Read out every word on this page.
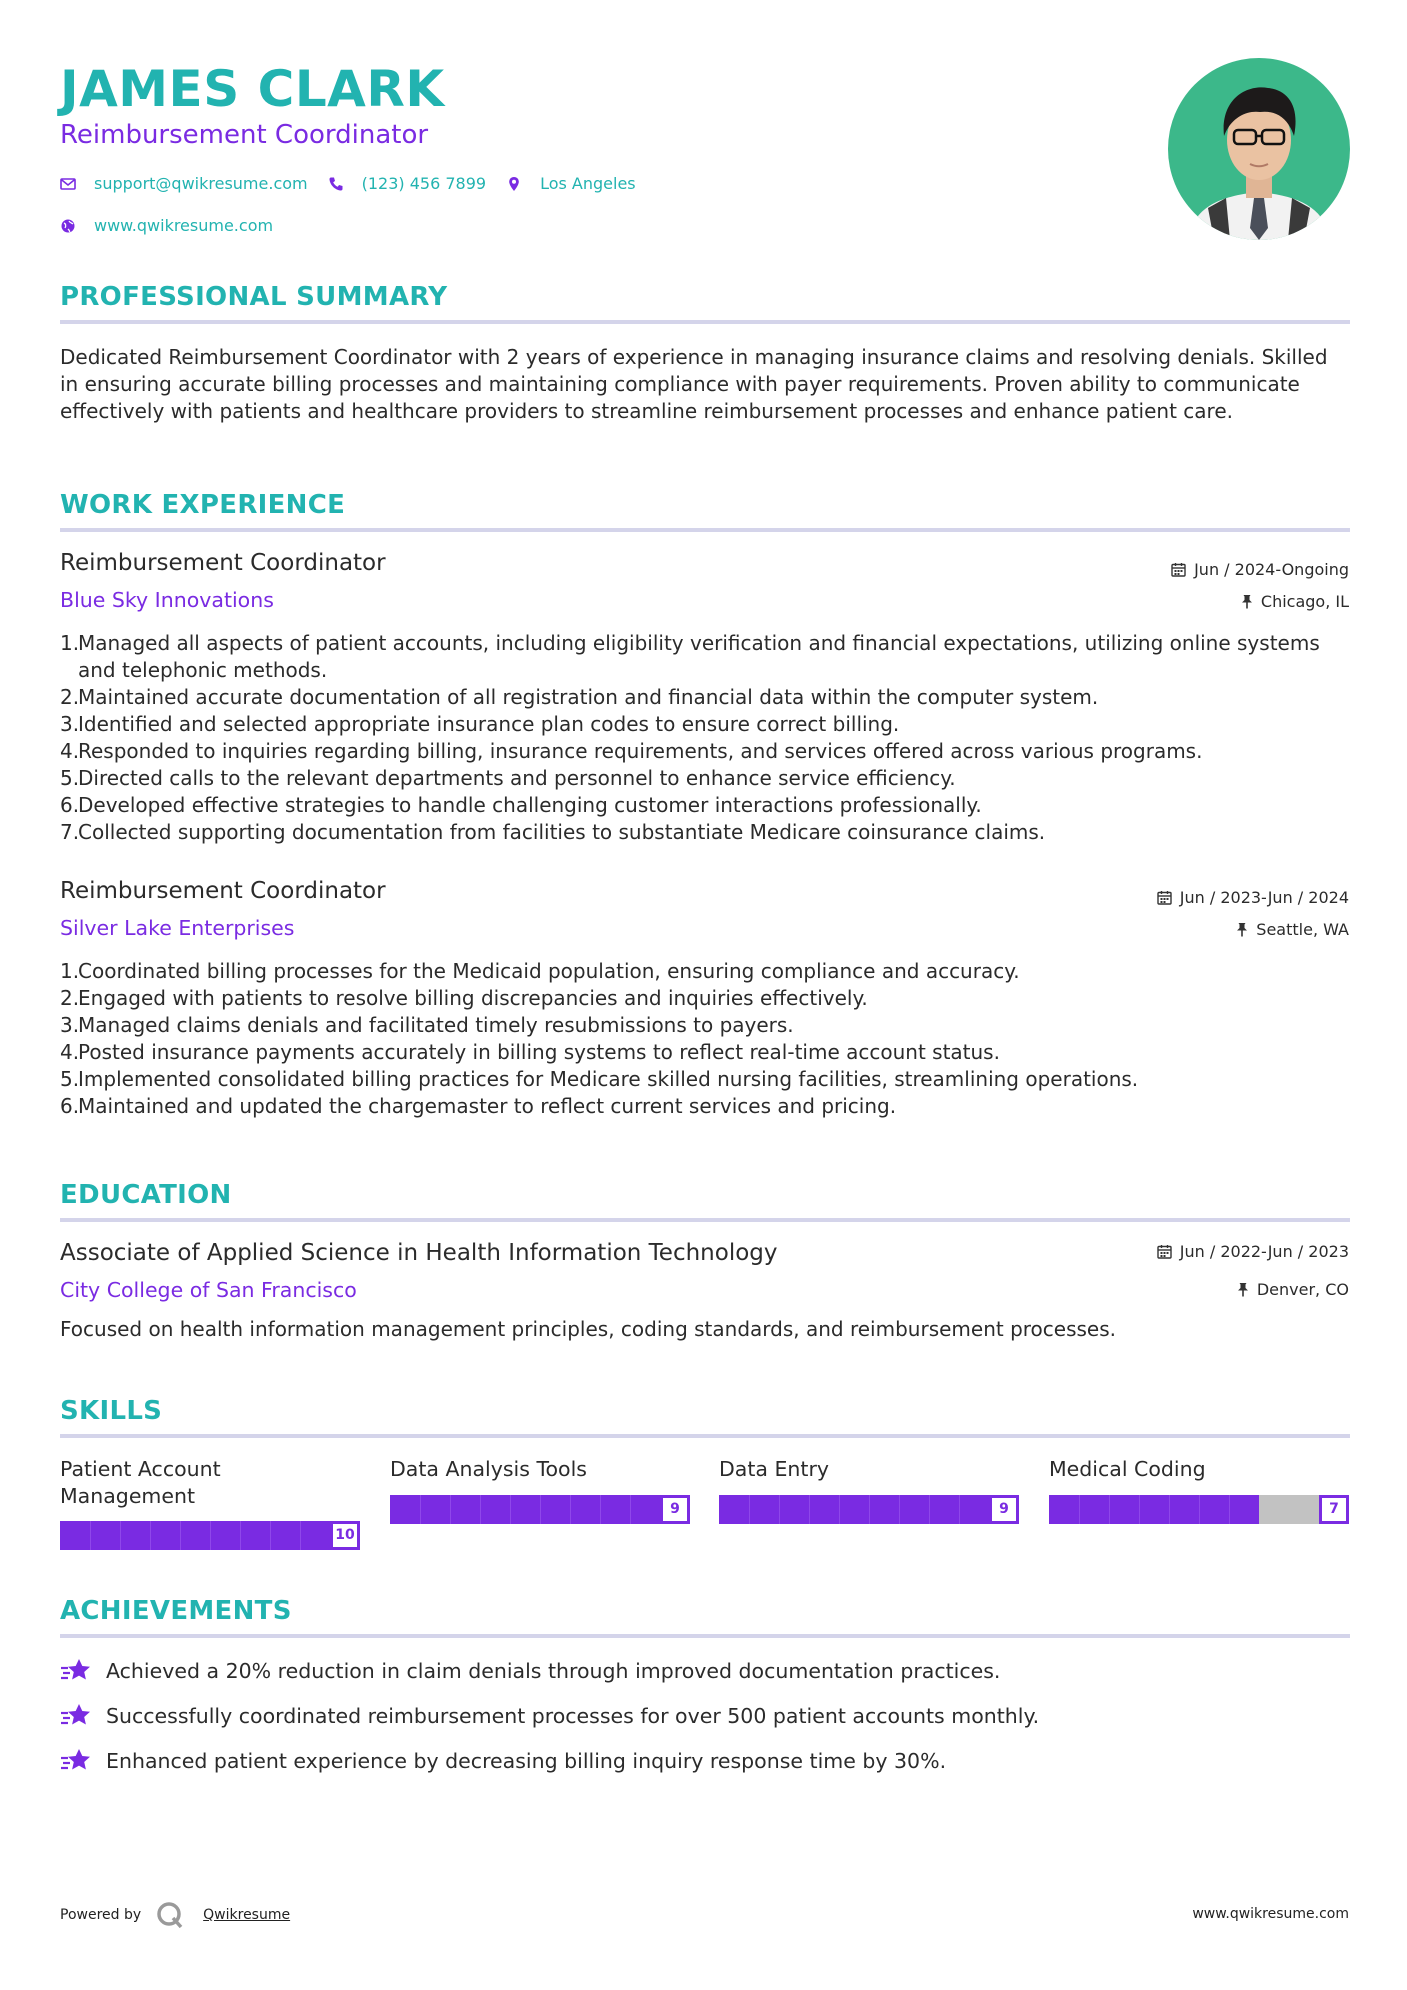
JAMES CLARK
Reimbursement Coordinator
support@qwikresume.com	(123) 456 7899	Los Angeles
www.qwikresume.com
PROFESSIONAL SUMMARY
Dedicated Reimbursement Coordinator with 2 years of experience in managing insurance claims and resolving denials. Skilled in ensuring accurate billing processes and maintaining compliance with payer requirements. Proven ability to communicate effectively with patients and healthcare providers to streamline reimbursement processes and enhance patient care.
WORK EXPERIENCE
Reimbursement Coordinator
Blue Sky Innovations
Jun / 2024-Ongoing
Chicago, IL
1.
Managed all aspects of patient accounts, including eligibility verification and financial expectations, utilizing online systems and telephonic methods.
2.
Maintained accurate documentation of all registration and financial data within the computer system.
3.
Identified and selected appropriate insurance plan codes to ensure correct billing.
4.
Responded to inquiries regarding billing, insurance requirements, and services offered across various programs.
5.
Directed calls to the relevant departments and personnel to enhance service efficiency.
6.
Developed effective strategies to handle challenging customer interactions professionally.
7.
Collected supporting documentation from facilities to substantiate Medicare coinsurance claims.
Reimbursement Coordinator
Silver Lake Enterprises
Jun / 2023-Jun / 2024
Seattle, WA
1.
Coordinated billing processes for the Medicaid population, ensuring compliance and accuracy.
2.
Engaged with patients to resolve billing discrepancies and inquiries effectively.
3.
Managed claims denials and facilitated timely resubmissions to payers.
4.
Posted insurance payments accurately in billing systems to reflect real-time account status.
5.
Implemented consolidated billing practices for Medicare skilled nursing facilities, streamlining operations.
6.
Maintained and updated the chargemaster to reflect current services and pricing.
EDUCATION
Associate of Applied Science in Health Information Technology
City College of San Francisco
Jun / 2022-Jun / 2023
Denver, CO
Focused on health information management principles, coding standards, and reimbursement processes.
SKILLS
Patient Account Management
10
Data Analysis Tools
9
Data Entry
9
Medical Coding
7
ACHIEVEMENTS
Achieved a 20% reduction in claim denials through improved documentation practices.
Successfully coordinated reimbursement processes for over 500 patient accounts monthly.
Enhanced patient experience by decreasing billing inquiry response time by 30%.
Powered by	Qwikresume	www.qwikresume.com
